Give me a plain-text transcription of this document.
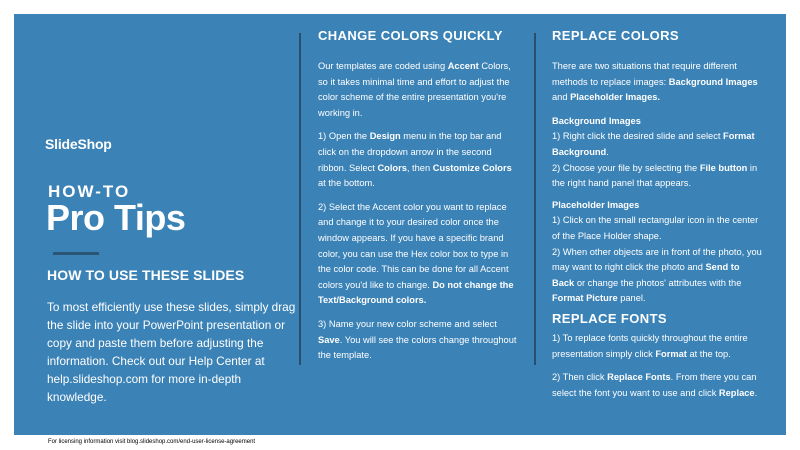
SlideShop
HOW-TO
Pro Tips
HOW TO USE THESE SLIDES
To most efficiently use these slides, simply drag the slide into your PowerPoint presentation or copy and paste them before adjusting the information. Check out our Help Center at help.slideshop.com for more in-depth knowledge.
CHANGE COLORS QUICKLY

Our templates are coded using Accent Colors, so it takes minimal time and effort to adjust the color scheme of the entire presentation you're working in.

1) Open the Design menu in the top bar and click on the dropdown arrow in the second ribbon. Select Colors, then Customize Colors at the bottom.

2) Select the Accent color you want to replace and change it to your desired color once the window appears. If you have a specific brand color, you can use the Hex color box to type in the color code. This can be done for all Accent colors you'd like to change. Do not change the Text/Background colors.

3) Name your new color scheme and select Save. You will see the colors change throughout the template.

REPLACE COLORS

There are two situations that require different methods to replace images: Background Images and Placeholder Images.

Background Images

1) Right click the desired slide and select Format Background.
2) Choose your file by selecting the File button in the right hand panel that appears.

Placeholder Images

1) Click on the small rectangular icon in the center of the Place Holder shape.
2) When other objects are in front of the photo, you may want to right click the photo and Send to Back or change the photos' attributes with the Format Picture panel.

REPLACE FONTS

1) To replace fonts quickly throughout the entire presentation simply click Format at the top.

2) Then click Replace Fonts. From there you can select the font you want to use and click Replace.

For licensing information visit blog.slideshop.com/end-user-license-agreement
